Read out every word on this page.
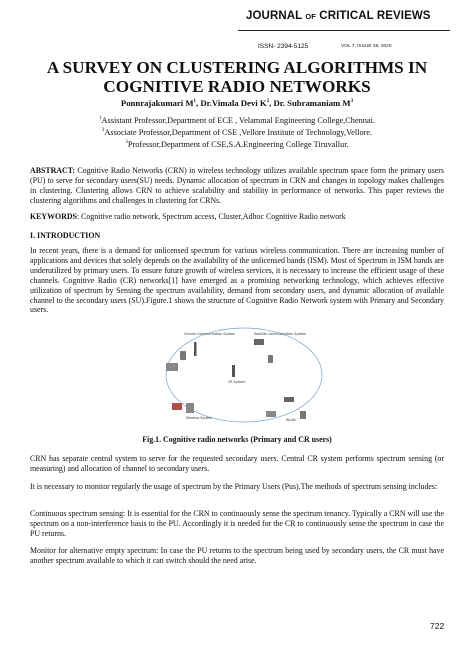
JOURNAL OF CRITICAL REVIEWS
ISSN- 2394-5125	VOL 7, ISSUE 19, 2020
A SURVEY ON CLUSTERING ALGORITHMS IN
COGNITIVE RADIO NETWORKS
Ponnrajakumari $M^1$, Dr.Vimala Devi $K^2$, Dr. Subramaniam $M^3$
$^1$Assistant Professor,Department of ECE , Velammal Engineering College,Chennai.
$^2$Associate Professor,Department of CSE ,Vellore Institute of Technology,Vellore.
$^3$Professor,Department of CSE,S.A.Engineering College Tiruvallur.
ABSTRACT: Cognitive Radio Networks (CRN) in wireless technology utilizes available spectrum space form the primary users (PU) to serve for secondary users(SU) needs. Dynamic allocation of spectrum in CRN and changes in topology makes challenges in clustering. Clustering allows CRN to achieve scalability and stability in performance of networks. This paper reviews the clustering algorithms and challenges in clustering for CRNs.
KEYWORDS: Cognitive radio network, Spectrum access, Cluster,Adhoc Cognitive Radio network
I. INTRODUCTION
In recent years, there is a demand for unlicensed spectrum for various wireless communication. There are increasing number of applications and devices that solely depends on the availability of the unlicensed bands (ISM). Most of Spectrum in ISM bands are underutilized by primary users. To ensure future growth of wireless services, it is necessary to increase the efficient usage of these channels. Cognitive Radio (CR) networks[1] have emerged as a promising networking technology, which achieves effective utilization of spectrum by Sensing the spectrum availability, demand from secondary users, and dynamic allocation of available channel to the secondary users (SU).Figure.1 shows the structure of Cognitive Radio Network system with Primary and Secondary users.
Cellular Communication System	Satellite Communication System
CR System
Wireless System	WLAN
Fig.1. Cognitive radio networks (Primary and CR users)
CRN has separate central system to serve for the requested secondary users. Central CR system performs spectrum sensing (or measuring) and allocation of channel to secondary users.
It is necessary to monitor regularly the usage of spectrum by the Primary Users (Pus).The methods of spectrum sensing includes:
Continuous spectrum sensing: It is essential for the CRN to continuously sense the spectrum tenancy. Typically a CRN will use the spectrum on a non-interference basis to the PU. Accordingly it is needed for the CR to continuously sense the spectrum in case the PU returns.
Monitor for alternative empty spectrum: In case the PU returns to the spectrum being used by secondary users, the CR must have another spectrum available to which it can switch should the need arise.
722
